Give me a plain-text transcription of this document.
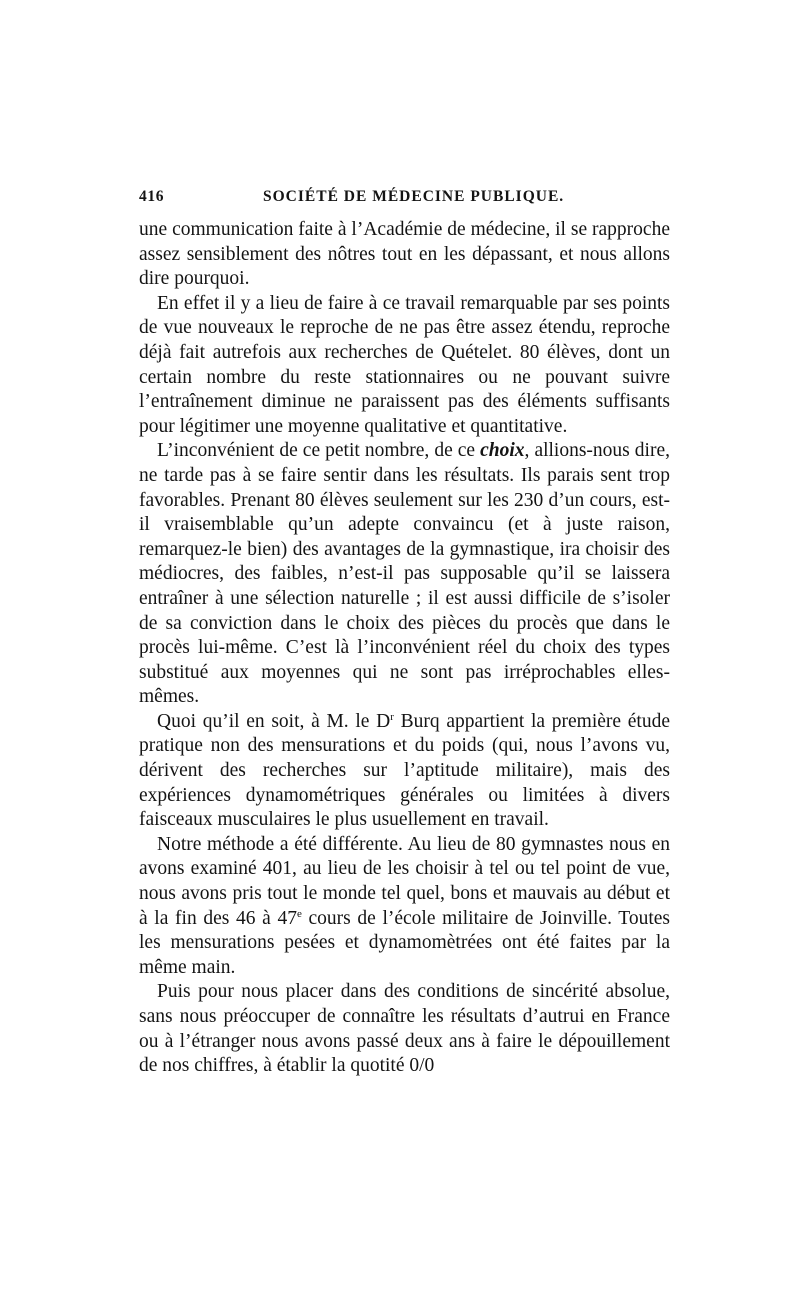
416	SOCIÉTÉ DE MÉDECINE PUBLIQUE.

une communication faite à l’Académie de médecine, il se rapproche assez sensiblement des nôtres tout en les dépassant, et nous allons dire pourquoi.

En effet il y a lieu de faire à ce travail remarquable par ses points de vue nouveaux le reproche de ne pas être assez étendu, reproche déjà fait autrefois aux recherches de Quételet. 80 élèves, dont un certain nombre du reste stationnaires ou ne pouvant suivre l’entraînement diminue ne paraissent pas des éléments suffisants pour légitimer une moyenne qualitative et quantitative.

L’inconvénient de ce petit nombre, de ce choix, allions-nous dire, ne tarde pas à se faire sentir dans les résultats. Ils parais sent trop favorables. Prenant 80 élèves seulement sur les 230 d’un cours, est-il vraisemblable qu’un adepte convaincu (et à juste raison, remarquez-le bien) des avantages de la gymnastique, ira choisir des médiocres, des faibles, n’est-il pas supposable qu’il se laissera entraîner à une sélection naturelle ; il est aussi difficile de s’isoler de sa conviction dans le choix des pièces du procès que dans le procès lui-même. C’est là l’inconvénient réel du choix des types substitué aux moyennes qui ne sont pas irréprochables elles-mêmes.

Quoi qu’il en soit, à M. le $D^r$ Burq appartient la première étude pratique non des mensurations et du poids (qui, nous l’avons vu, dérivent des recherches sur l’aptitude militaire), mais des expériences dynamométriques générales ou limitées à divers faisceaux musculaires le plus usuellement en travail.

Notre méthode a été différente. Au lieu de 80 gymnastes nous en avons examiné 401, au lieu de les choisir à tel ou tel point de vue, nous avons pris tout le monde tel quel, bons et mauvais au début et à la fin des 46 à 47e cours de l’école militaire de Joinville. Toutes les mensurations pesées et dynamomètrées ont été faites par la même main.

Puis pour nous placer dans des conditions de sincérité absolue, sans nous préoccuper de connaître les résultats d’autrui en France ou à l’étranger nous avons passé deux ans à faire le dépouillement de nos chiffres, à établir la quotité 0/0
